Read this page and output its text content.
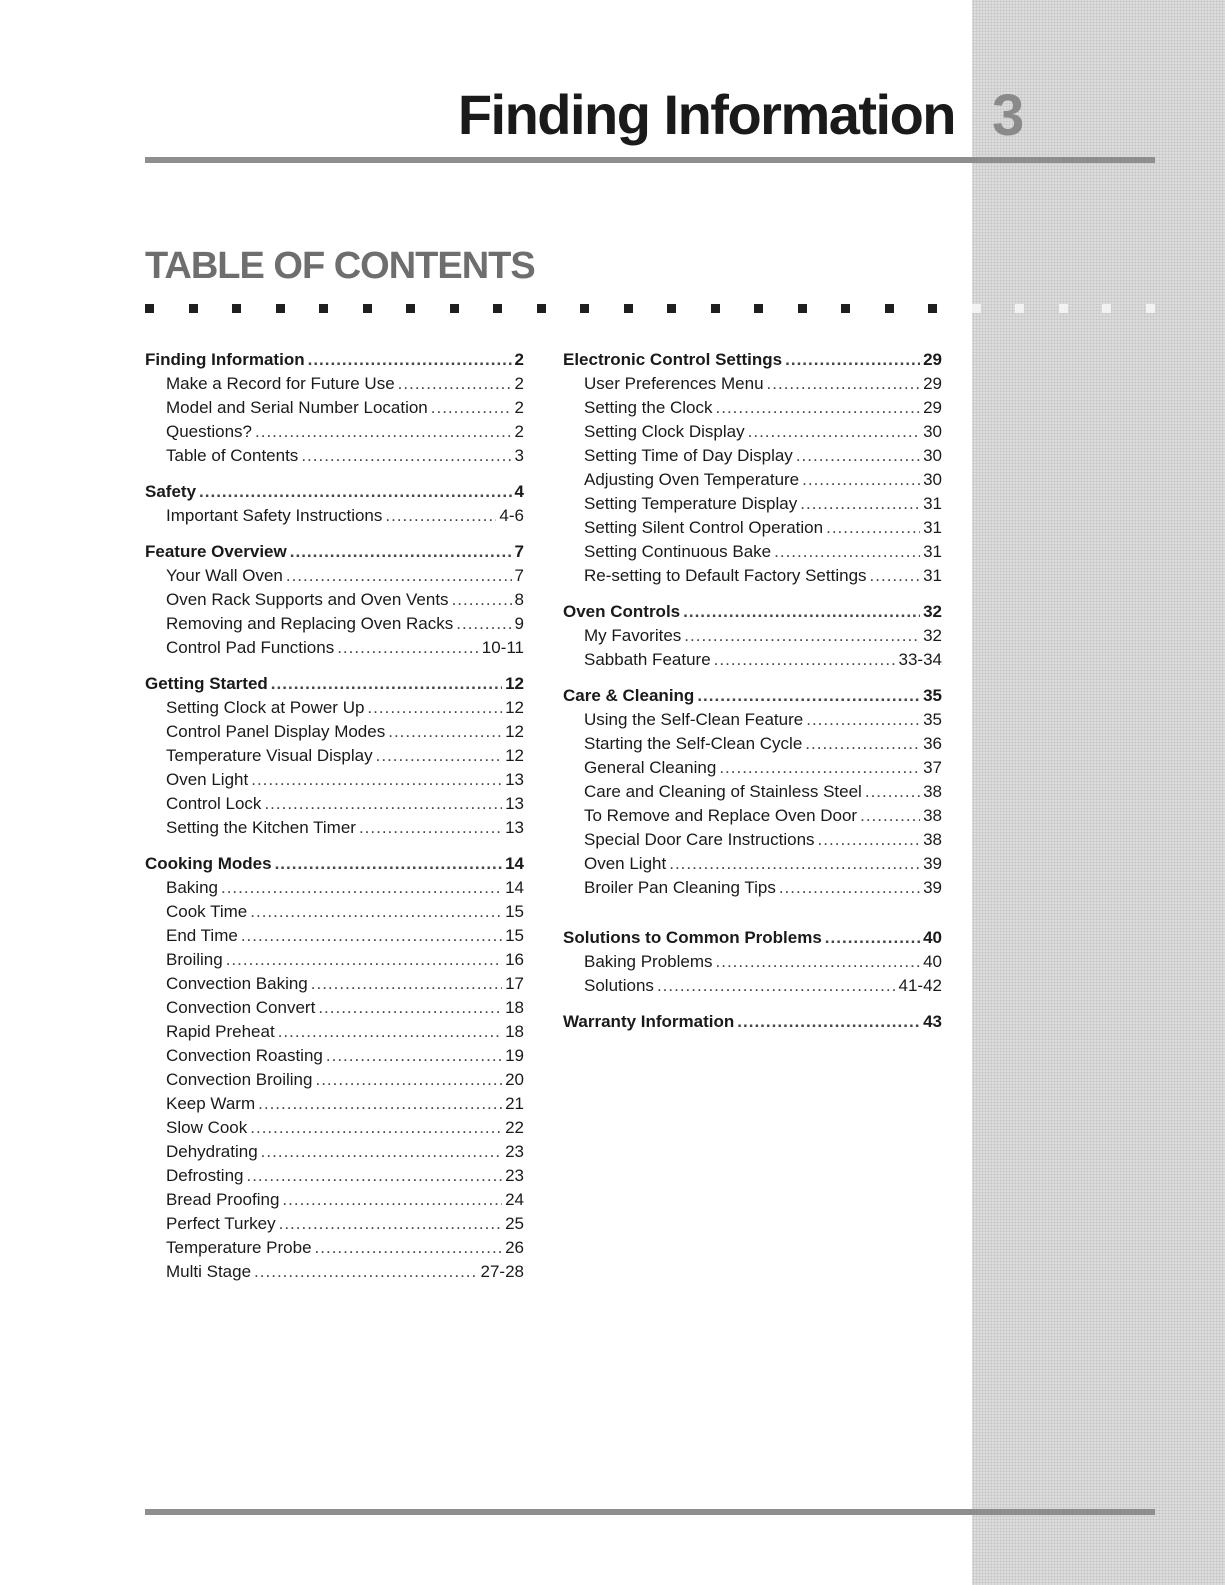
Finding Information 3
TABLE OF CONTENTS
Finding Information .....	2
Make a Record for Future Use .....	2
Model and Serial Number Location .....	2
Questions? .....	2
Table of Contents .....	3
Safety .....	4
Important Safety Instructions .....	4-6
Feature Overview .....	7
Your Wall Oven .....	7
Oven Rack Supports and Oven Vents .....	8
Removing and Replacing Oven Racks .....	9
Control Pad Functions .....	10-11
Getting Started .....	12
Setting Clock at Power Up .....	12
Control Panel Display Modes .....	12
Temperature Visual Display .....	12
Oven Light .....	13
Control Lock .....	13
Setting the Kitchen Timer .....	13
Cooking Modes .....	14
Baking .....	14
Cook Time .....	15
End Time .....	15
Broiling .....	16
Convection Baking .....	17
Convection Convert .....	18
Rapid Preheat .....	18
Convection Roasting .....	19
Convection Broiling .....	20
Keep Warm .....	21
Slow Cook .....	22
Dehydrating .....	23
Defrosting .....	23
Bread Proofing .....	24
Perfect Turkey .....	25
Temperature Probe .....	26
Multi Stage .....	27-28
Electronic Control Settings .....	29
User Preferences Menu .....	29
Setting the Clock .....	29
Setting Clock Display .....	30
Setting Time of Day Display .....	30
Adjusting Oven Temperature .....	30
Setting Temperature Display .....	31
Setting Silent Control Operation .....	31
Setting Continuous Bake .....	31
Re-setting to Default Factory Settings .....	31
Oven Controls .....	32
My Favorites .....	32
Sabbath Feature .....	33-34
Care & Cleaning .....	35
Using the Self-Clean Feature .....	35
Starting the Self-Clean Cycle .....	36
General Cleaning .....	37
Care and Cleaning of Stainless Steel .....	38
To Remove and Replace Oven Door .....	38
Special Door Care Instructions .....	38
Oven Light .....	39
Broiler Pan Cleaning Tips .....	39
Solutions to Common Problems .....	40
Baking Problems .....	40
Solutions .....	41-42
Warranty Information .....	43
